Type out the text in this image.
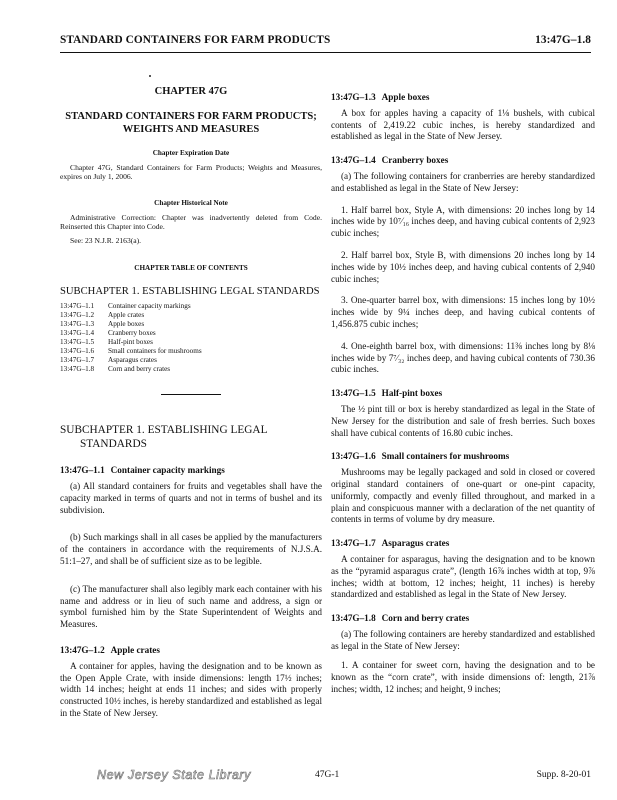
STANDARD CONTAINERS FOR FARM PRODUCTS	13:47G–1.8
CHAPTER 47G
STANDARD CONTAINERS FOR FARM PRODUCTS;
WEIGHTS AND MEASURES
Chapter Expiration Date

Chapter 47G, Standard Containers for Farm Products; Weights and Measures, expires on July 1, 2006.

Chapter Historical Note

Administrative Correction: Chapter was inadvertently deleted from Code. Reinserted this Chapter into Code.

See: 23 N.J.R. 2163(a).

CHAPTER TABLE OF CONTENTS
SUBCHAPTER 1. ESTABLISHING LEGAL STANDARDS
13:47G–1.1	Container capacity markings
13:47G–1.2	Apple crates
13:47G–1.3	Apple boxes
13:47G–1.4	Cranberry boxes
13:47G–1.5	Half-pint boxes
13:47G–1.6	Small containers for mushrooms
13:47G–1.7	Asparagus crates
13:47G–1.8	Corn and berry crates
SUBCHAPTER 1. ESTABLISHING LEGAL
STANDARDS
13:47G–1.1 Container capacity markings

(a) All standard containers for fruits and vegetables shall have the capacity marked in terms of quarts and not in terms of bushel and its subdivision.

(b) Such markings shall in all cases be applied by the manufacturers of the containers in accordance with the requirements of N.J.S.A. 51:1–27, and shall be of sufficient size as to be legible.

(c) The manufacturer shall also legibly mark each container with his name and address or in lieu of such name and address, a sign or symbol furnished him by the State Superintendent of Weights and Measures.

13:47G–1.2 Apple crates

A container for apples, having the designation and to be known as the Open Apple Crate, with inside dimensions: length 17½ inches; width 14 inches; height at ends 11 inches; and sides with properly constructed 10½ inches, is hereby standardized and established as legal in the State of New Jersey.

13:47G–1.3 Apple boxes

A box for apples having a capacity of 1⅛ bushels, with cubical contents of 2,419.22 cubic inches, is hereby standardized and established as legal in the State of New Jersey.

13:47G–1.4 Cranberry boxes

(a) The following containers for cranberries are hereby standardized and established as legal in the State of New Jersey:

1. Half barrel box, Style A, with dimensions: 20 inches long by 14 inches wide by 10⁷⁄₁₆ inches deep, and having cubical contents of 2,923 cubic inches;

2. Half barrel box, Style B, with dimensions 20 inches long by 14 inches wide by 10½ inches deep, and having cubical contents of 2,940 cubic inches;

3. One-quarter barrel box, with dimensions: 15 inches long by 10½ inches wide by 9¼ inches deep, and having cubical contents of 1,456.875 cubic inches;

4. One-eighth barrel box, with dimensions: 11⅜ inches long by 8⅛ inches wide by 7⁷⁄₃₂ inches deep, and having cubical contents of 730.36 cubic inches.

13:47G–1.5 Half-pint boxes

The ½ pint till or box is hereby standardized as legal in the State of New Jersey for the distribution and sale of fresh berries. Such boxes shall have cubical contents of 16.80 cubic inches.

13:47G–1.6 Small containers for mushrooms

Mushrooms may be legally packaged and sold in closed or covered original standard containers of one-quart or one-pint capacity, uniformly, compactly and evenly filled throughout, and marked in a plain and conspicuous manner with a declaration of the net quantity of contents in terms of volume by dry measure.

13:47G–1.7 Asparagus crates

A container for asparagus, having the designation and to be known as the “pyramid asparagus crate”, (length 16⅞ inches width at top, 9⅞ inches; width at bottom, 12 inches; height, 11 inches) is hereby standardized and established as legal in the State of New Jersey.

13:47G–1.8 Corn and berry crates

(a) The following containers are hereby standardized and established as legal in the State of New Jersey:

1. A container for sweet corn, having the designation and to be known as the “corn crate”, with inside dimensions of: length, 21⅞ inches; width, 12 inches; and height, 9 inches;

New Jersey State Library	47G-1	Supp. 8-20-01
